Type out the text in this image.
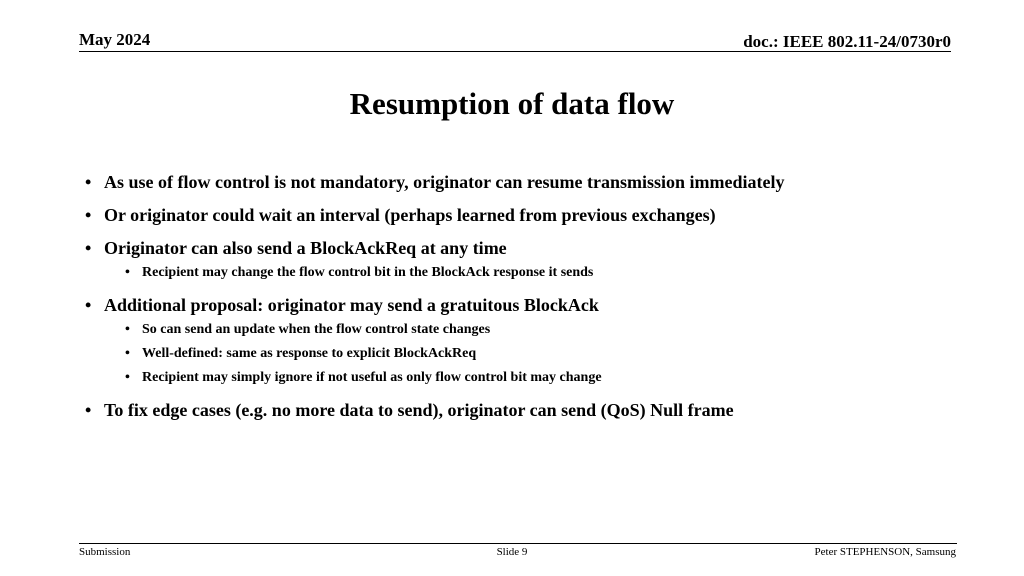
May 2024	doc.: IEEE 802.11-24/0730r0
Resumption of data flow
• As use of flow control is not mandatory, originator can resume transmission immediately
• Or originator could wait an interval (perhaps learned from previous exchanges)
• Originator can also send a BlockAckReq at any time
• Recipient may change the flow control bit in the BlockAck response it sends
• Additional proposal: originator may send a gratuitous BlockAck
• So can send an update when the flow control state changes
• Well-defined: same as response to explicit BlockAckReq
• Recipient may simply ignore if not useful as only flow control bit may change
• To fix edge cases (e.g. no more data to send), originator can send (QoS) Null frame
Submission	Slide 9	Peter STEPHENSON, Samsung
